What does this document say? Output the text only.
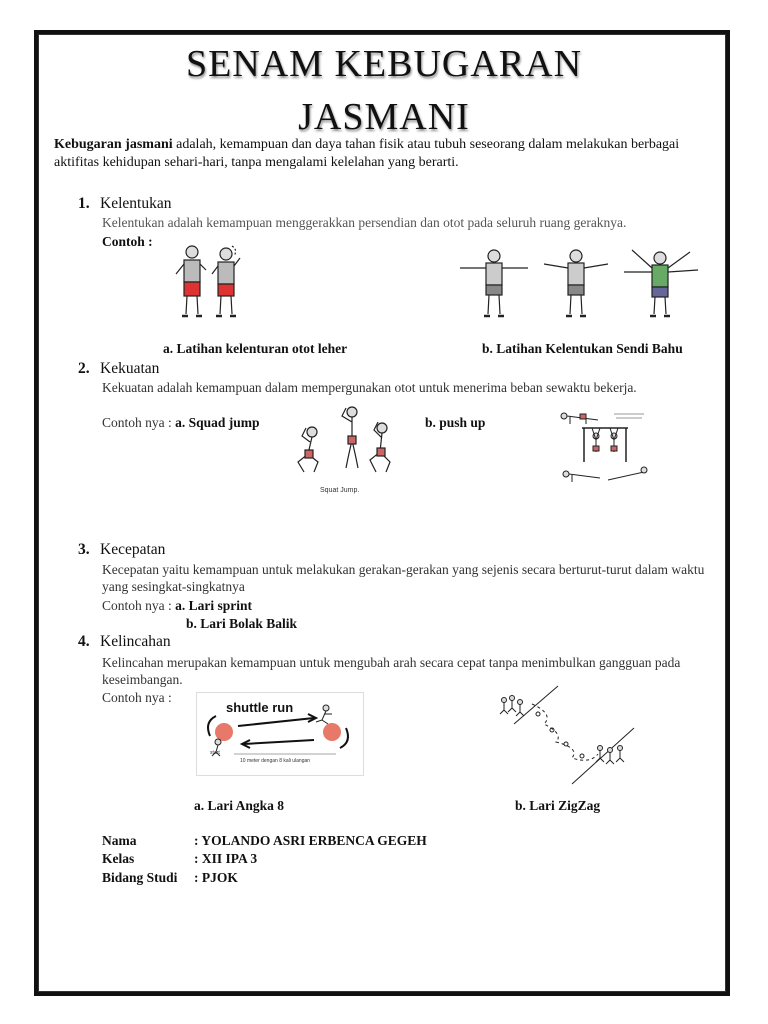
SENAM KEBUGARAN
JASMANI
Kebugaran jasmani adalah, kemampuan dan daya tahan fisik atau tubuh seseorang dalam melakukan berbagai aktifitas kehidupan sehari-hari, tanpa mengalami kelelahan yang berarti.
1. Kelentukan
Kelentukan adalah kemampuan menggerakkan persendian dan otot pada seluruh ruang geraknya.
Contoh :
a. Latihan kelenturan otot leher	b. Latihan Kelentukan Sendi Bahu
2. Kekuatan
Kekuatan adalah kemampuan dalam mempergunakan otot untuk menerima beban sewaktu bekerja.
Contoh nya : a. Squad jump	b. push up
Squat Jump.
3. Kecepatan
Kecepatan yaitu kemampuan untuk melakukan gerakan-gerakan yang sejenis secara berturut-turut dalam waktu yang sesingkat-singkatnya
Contoh nya : a. Lari sprint
b. Lari Bolak Balik
4. Kelincahan
Kelincahan merupakan kemampuan untuk mengubah arah secara cepat tanpa menimbulkan gangguan pada keseimbangan.
Contoh nya :
shuttle run
start
10 meter dengan 8 kali ulangan
a. Lari Angka 8	b. Lari ZigZag
Nama	: YOLANDO ASRI ERBENCA GEGEH
Kelas	: XII IPA 3
Bidang Studi : PJOK
